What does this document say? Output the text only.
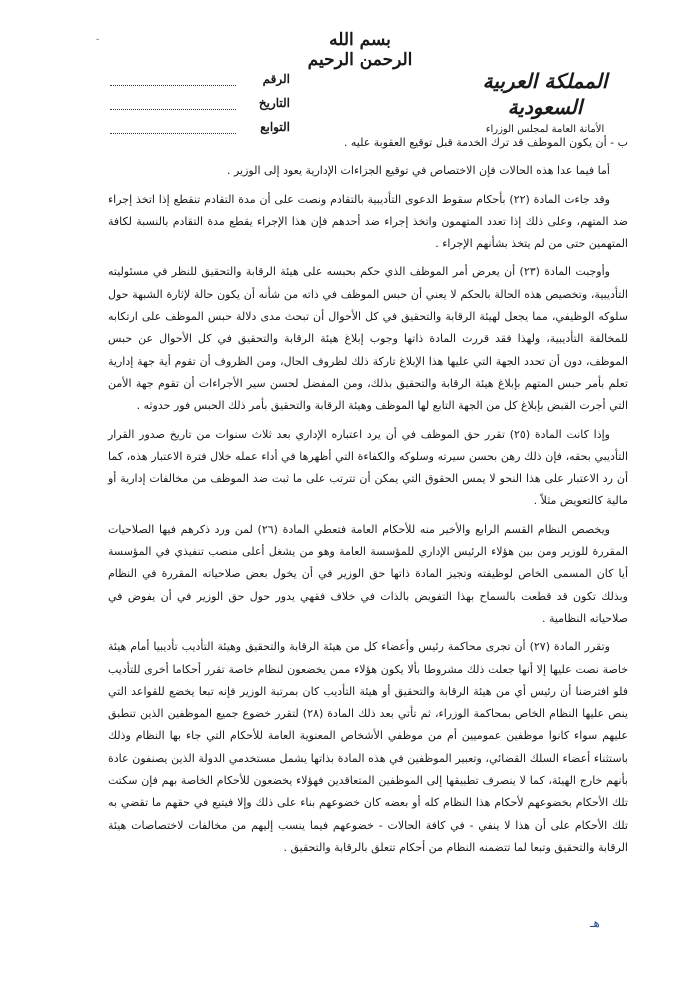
˗	بسم الله الرحمن الرحيم
الرقم
التاريخ
التوابع
المملكة العربية السعودية
الأمانة العامة لمجلس الوزراء

ب - أن يكون الموظف قد ترك الخدمة قبل توقيع العقوبة عليه .

أما فيما عدا هذه الحالات فإن الاختصاص في توقيع الجزاءات الإدارية يعود إلى الوزير .

وقد جاءت المادة (٢٢) بأحكام سقوط الدعوى التأديبية بالتقادم ونصت على أن مدة التقادم تنقطع إذا اتخذ إجراء ضد المتهم، وعلى ذلك إذا تعدد المتهمون واتخذ إجراء ضد أحدهم فإن هذا الإجراء يقطع مدة التقادم بالنسبة لكافة المتهمين حتى من لم يتخذ بشأنهم الإجراء .

وأوجبت المادة (٢٣) أن يعرض أمر الموظف الذي حكم بحبسه على هيئة الرقابة والتحقيق للنظر في مسئوليته التأديبية، وتخصيص هذه الحالة بالحكم لا يعني أن حبس الموظف في ذاته من شأنه أن يكون حالة لإثارة الشبهة حول سلوكه الوظيفي، مما يجعل لهيئة الرقابة والتحقيق في كل الأحوال أن تبحث مدى دلالة حبس الموظف على ارتكابه للمخالفة التأديبية، ولهذا فقد قررت المادة ذاتها وجوب إبلاغ هيئة الرقابة والتحقيق في كل الأحوال عن حبس الموظف، دون أن تحدد الجهة التي عليها هذا الإبلاغ تاركة ذلك لظروف الحال، ومن الظروف أن تقوم أية جهة إدارية تعلم بأمر حبس المتهم بإبلاغ هيئة الرقابة والتحقيق بذلك، ومن المفضل لحسن سير الأجراءات أن تقوم جهة الأمن التي أجرت القبض بإبلاغ كل من الجهة التابع لها الموظف وهيئة الرقابة والتحقيق بأمر ذلك الحبس فور حدوثه .

وإذا كانت المادة (٢٥) تقرر حق الموظف في أن يرد اعتباره الإداري بعد ثلاث سنوات من تاريخ صدور القرار التأديبي بحقه، فإن ذلك رهن بحسن سيرته وسلوكه والكفاءة التي أظهرها في أداء عمله خلال فترة الاعتبار هذه، كما أن رد الاعتبار على هذا النحو لا يمس الحقوق التي يمكن أن تترتب على ما ثبت ضد الموظف من مخالفات إدارية أو مالية كالتعويض مثلاً .

ويخصص النظام القسم الرابع والأخير منه للأحكام العامة فتعطي المادة (٢٦) لمن ورد ذكرهم فيها الصلاحيات المقررة للوزير ومن بين هؤلاء الرئيس الإداري للمؤسسة العامة وهو من يشغل أعلى منصب تنفيذي في المؤسسة أيا كان المسمى الخاص لوظيفته وتجيز المادة ذاتها حق الوزير في أن يخول بعض صلاحياته المقررة في النظام وبذلك تكون قد قطعت بالسماح بهذا التفويض بالذات في خلاف فقهي يدور حول حق الوزير في أن يفوض في صلاحياته النظامية .

وتقرر المادة (٢٧) أن تجرى محاكمة رئيس وأعضاء كل من هيئة الرقابة والتحقيق وهيئة التأديب تأديبيا أمام هيئة خاصة نصت عليها إلا أنها جعلت ذلك مشروطا بألا يكون هؤلاء ممن يخضعون لنظام خاصة تقرر أحكاما أخرى للتأديب فلو افترضنا أن رئيس أي من هيئة الرقابة والتحقيق أو هيئة التأديب كان بمرتبة الوزير فإنه تبعا يخضع للقواعد التي ينص عليها النظام الخاص بمحاكمة الوزراء، ثم تأتي بعد ذلك المادة (٢٨) لتقرر خضوع جميع الموظفين الذين تنطبق عليهم سواء كانوا موظفين عموميين أم من موظفي الأشخاص المعنوية العامة للأحكام التي جاء بها النظام وذلك باستثناء أعضاء السلك القضائي، وتعبير الموظفين في هذه المادة بذاتها يشمل مستخدمي الدولة الذين يصنفون عادة بأنهم خارج الهيئة، كما لا ينصرف تطبيقها إلى الموظفين المتعاقدين فهؤلاء يخضعون للأحكام الخاصة بهم فإن سكتت تلك الأحكام بخضوعهم لأحكام هذا النظام كله أو بعضه كان خضوعهم بناء على ذلك وإلا فيتبع في حقهم ما تقضي به تلك الأحكام على أن هذا لا ينفي - في كافة الحالات - خضوعهم فيما ينسب إليهم من مخالفات لاختصاصات هيئة الرقابة والتحقيق وتبعا لما تتضمنه النظام من أحكام تتعلق بالرقابة والتحقيق .

هـ
